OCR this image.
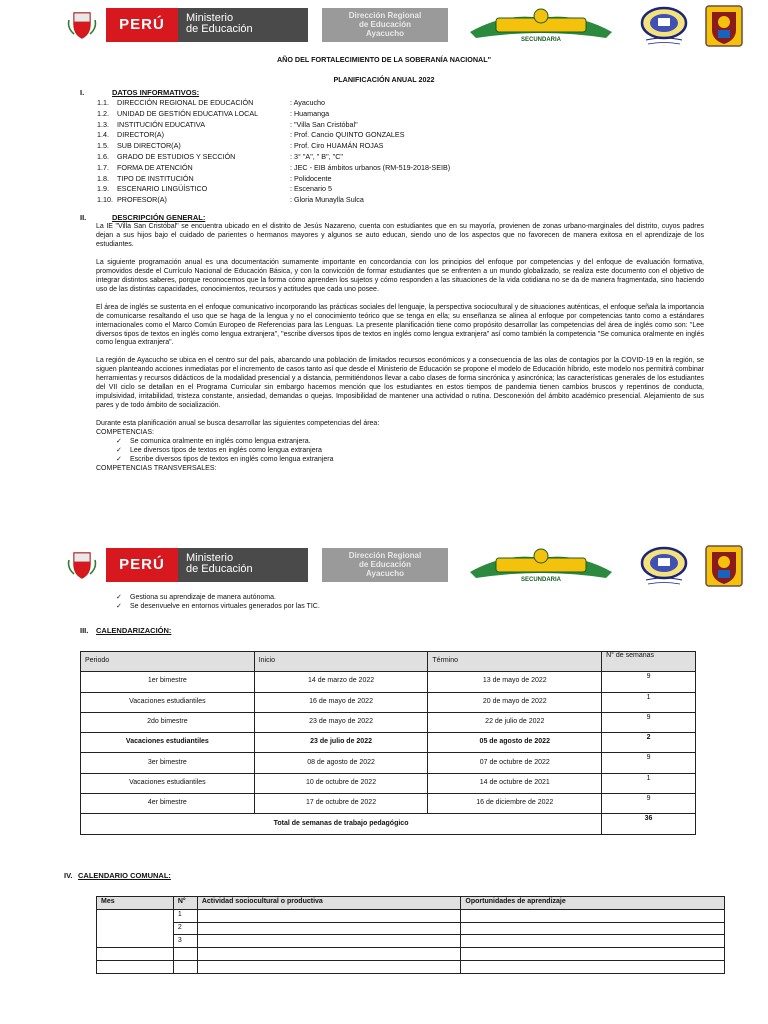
PERÚ	Ministerio
de Educación
Dirección Regional
de Educación
Ayacucho
SECUNDARIA
AÑO DEL FORTALECIMIENTO DE LA SOBERANÍA NACIONAL"
PLANIFICACIÓN ANUAL 2022
I.	DATOS INFORMATIVOS:
1.1.	DIRECCIÓN REGIONAL DE EDUCACIÓN	: Ayacucho
1.2.	UNIDAD DE GESTIÓN EDUCATIVA LOCAL	: Huamanga
1.3.	INSTITUCIÓN EDUCATIVA	: "Villa San Cristóbal"
1.4.	DIRECTOR(A)	: Prof. Cancio QUINTO GONZALES
1.5.	SUB DIRECTOR(A)	: Prof. Ciro HUAMÁN ROJAS
1.6.	GRADO DE ESTUDIOS Y SECCIÓN	: 3° "A", " B", "C"
1.7.	FORMA DE ATENCIÓN	: JEC - EIB ámbitos urbanos (RM-519-2018-SEIB)
1.8.	TIPO DE INSTITUCIÓN	: Polidocente
1.9.	ESCENARIO LINGÜÍSTICO	: Escenario 5
1.10. PROFESOR(A)	: Gloria Munaylla Sulca
II.	DESCRIPCIÓN GENERAL:

La IE "Villa San Cristóbal" se encuentra ubicado en el distrito de Jesús Nazareno, cuenta con estudiantes que en su mayoría, provienen de zonas urbano-marginales del distrito, cuyos padres dejan a sus hijos bajo el cuidado de parientes o hermanos mayores y algunos se auto educan, siendo uno de los aspectos que no favorecen de manera exitosa en el aprendizaje de los estudiantes.

La siguiente programación anual es una documentación sumamente importante en concordancia con los principios del enfoque por competencias y del enfoque de evaluación formativa, promovidos desde el Currículo Nacional de Educación Básica, y con la convicción de formar estudiantes que se enfrenten a un mundo globalizado, se realiza este documento con el objetivo de integrar distintos saberes, porque reconocemos que la forma cómo aprenden los sujetos y cómo responden a las situaciones de la vida cotidiana no se da de manera fragmentada, sino haciendo uso de las distintas capacidades, conocimientos, recursos y actitudes que cada uno posee.

El área de inglés se sustenta en el enfoque comunicativo incorporando las prácticas sociales del lenguaje, la perspectiva sociocultural y de situaciones auténticas, el enfoque señala la importancia de comunicarse resaltando el uso que se haga de la lengua y no el conocimiento teórico que se tenga en ella; su enseñanza se alinea al enfoque por competencias tanto como a estándares internacionales como el Marco Común Europeo de Referencias para las Lenguas. La presente planificación tiene como propósito desarrollar las competencias del área de inglés como son: "Lee diversos tipos de textos en inglés como lengua extranjera", "escribe diversos tipos de textos en inglés como lengua extranjera" así como también la competencia "Se comunica oralmente en inglés como lengua extranjera".

La región de Ayacucho se ubica en el centro sur del país, abarcando una población de limitados recursos económicos y a consecuencia de las olas de contagios por la COVID-19 en la región, se siguen planteando acciones inmediatas por el incremento de casos tanto así que desde el Ministerio de Educación se propone el modelo de Educación híbrido, este modelo nos permitirá combinar herramientas y recursos didácticos de la modalidad presencial y a distancia, permitiéndonos llevar a cabo clases de forma sincrónica y asincrónica; las características generales de los estudiantes del VII ciclo se detallan en el Programa Curricular sin embargo hacemos mención que los estudiantes en estos tiempos de pandemia tienen cambios bruscos y repentinos de conducta, impulsividad, irritabilidad, tristeza constante, ansiedad, demandas o quejas. Imposibilidad de mantener una actividad o rutina. Desconexión del ámbito académico presencial. Alejamiento de sus pares y de todo ámbito de socialización.

Durante esta planificación anual se busca desarrollar las siguientes competencias del área:
COMPETENCIAS:
✓	Se comunica oralmente en inglés como lengua extranjera.
✓	Lee diversos tipos de textos en inglés como lengua extranjera
✓	Escribe diversos tipos de textos en inglés como lengua extranjera
COMPETENCIAS TRANSVERSALES:
PERÚ	Ministerio
de Educación
Dirección Regional
de Educación
Ayacucho
SECUNDARIA
✓	Gestiona su aprendizaje de manera autónoma.
✓	Se desenvuelve en entornos virtuales generados por las TIC.
III. CALENDARIZACIÓN:
Periodo	Inicio	Término	N° de semanas
1er bimestre	14 de marzo de 2022	13 de mayo de 2022	9
Vacaciones estudiantiles	16 de mayo de 2022	20 de mayo de 2022	1
2do bimestre	23 de mayo de 2022	22 de julio de 2022	9
Vacaciones estudiantiles	23 de julio de 2022	05 de agosto de 2022	2
3er bimestre	08 de agosto de 2022	07 de octubre de 2022	9
Vacaciones estudiantiles	10 de octubre de 2022	14 de octubre de 2021	1
4er bimestre	17 de octubre de 2022	16 de diciembre de 2022	9
Total de semanas de trabajo pedagógico			36
IV. CALENDARIO COMUNAL:
Mes	N°	Actividad sociocultural o productiva	Oportunidades de aprendizaje
	1		
	2		
	3		
